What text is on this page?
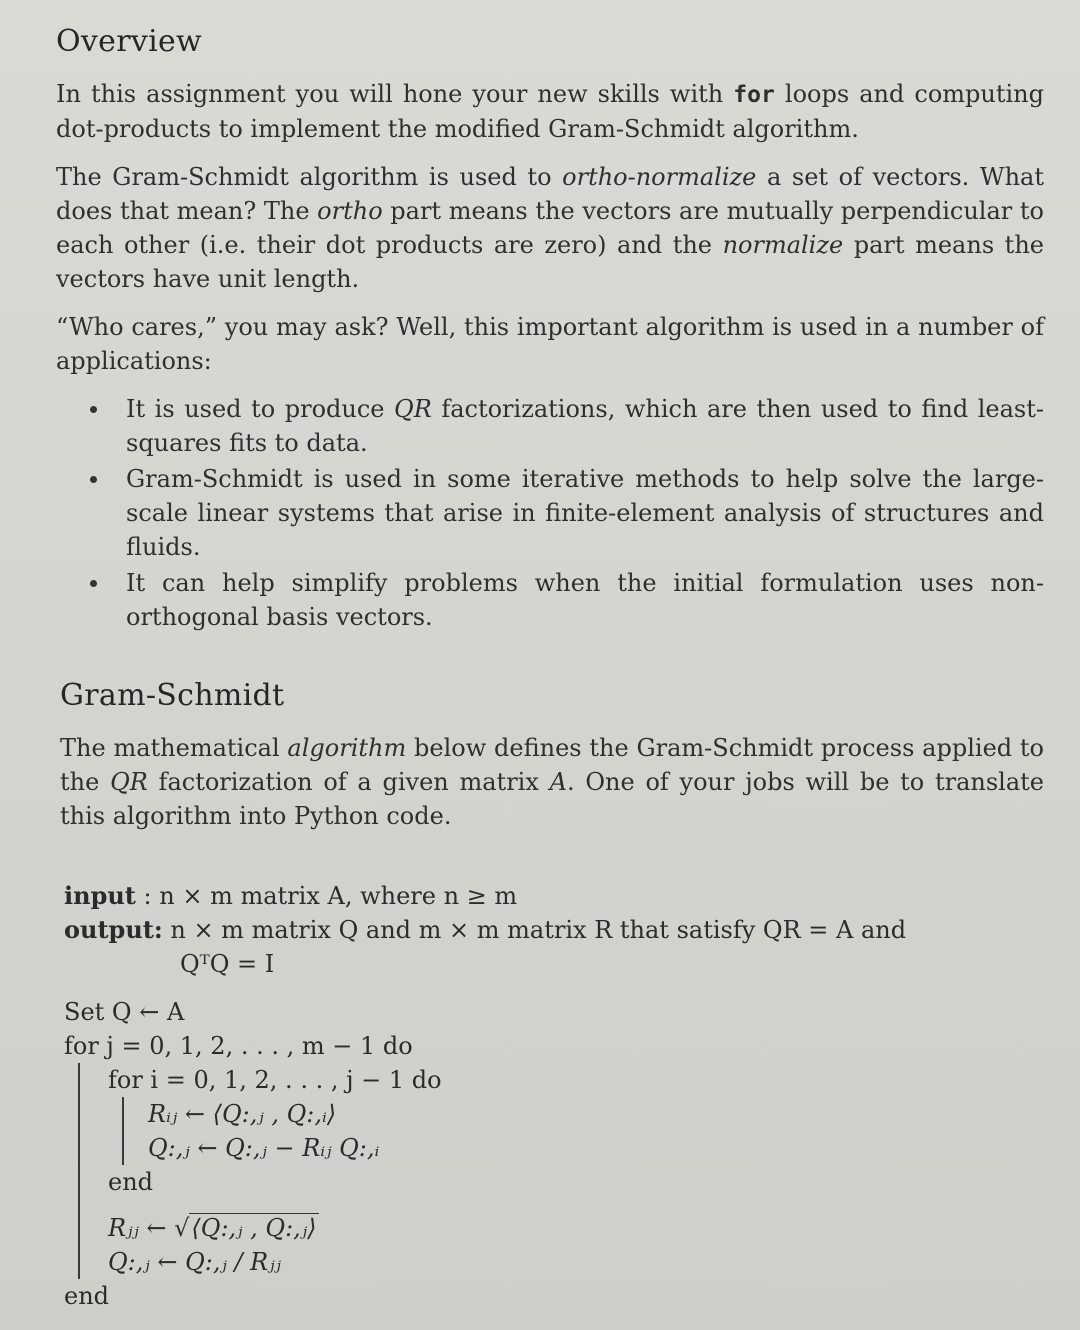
Overview

In this assignment you will hone your new skills with for loops and computing dot-products to implement the modified Gram-Schmidt algorithm.

The Gram-Schmidt algorithm is used to ortho-normalize a set of vectors. What does that mean? The ortho part means the vectors are mutually perpendicular to each other (i.e. their dot products are zero) and the normalize part means the vectors have unit length.

“Who cares,” you may ask? Well, this important algorithm is used in a number of applications:

It is used to produce QR factorizations, which are then used to find least-squares fits to data.
Gram-Schmidt is used in some iterative methods to help solve the large-scale linear systems that arise in finite-element analysis of structures and fluids.
It can help simplify problems when the initial formulation uses non-orthogonal basis vectors.
Gram-Schmidt

The mathematical algorithm below defines the Gram-Schmidt process applied to the QR factorization of a given matrix A. One of your jobs will be to translate this algorithm into Python code.

input : n × m matrix A, where n ≥ m
output: n × m matrix Q and m × m matrix R that satisfy QR = A and
QᵀQ = I
Set Q ← A
for j = 0, 1, 2, . . . , m − 1 do
for i = 0, 1, 2, . . . , j − 1 do
Rᵢⱼ ← ⟨Q:,ⱼ , Q:,ᵢ⟩
Q:,ⱼ ← Q:,ⱼ − Rᵢⱼ Q:,ᵢ
end
Rⱼⱼ ← √⟨Q:,ⱼ , Q:,ⱼ⟩
Q:,ⱼ ← Q:,ⱼ / Rⱼⱼ
end
